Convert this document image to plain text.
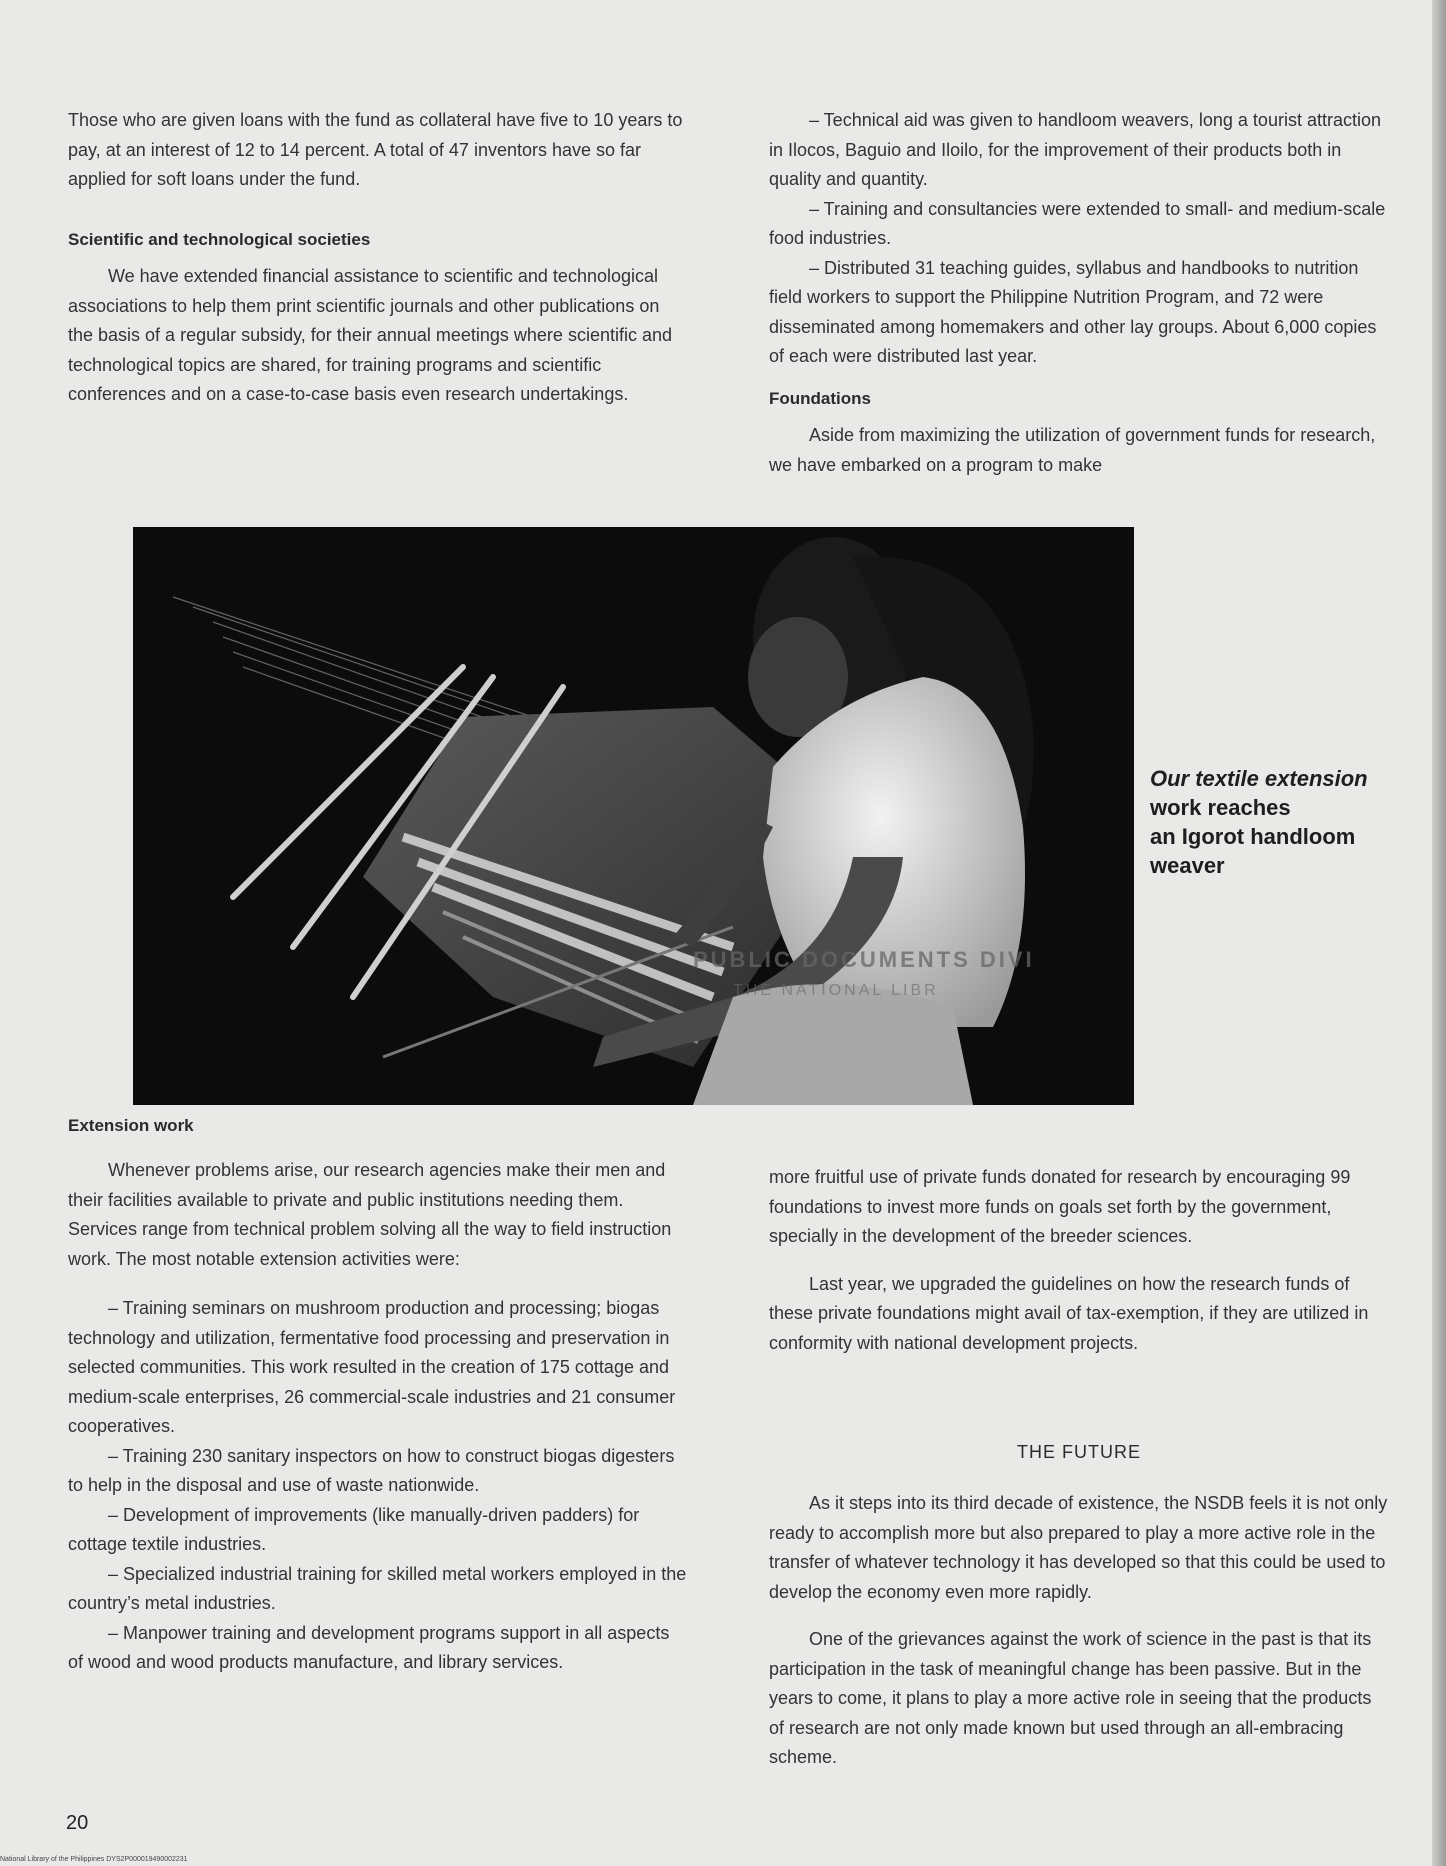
Those who are given loans with the fund as collateral have five to 10 years to pay, at an interest of 12 to 14 percent. A total of 47 inventors have so far applied for soft loans under the fund.

Scientific and technological societies

We have extended financial assistance to scientific and technological associations to help them print scientific journals and other publications on the basis of a regular subsidy, for their annual meetings where scientific and technological topics are shared, for training programs and scientific conferences and on a case-to-case basis even research undertakings.

– Technical aid was given to handloom weavers, long a tourist attraction in Ilocos, Baguio and Iloilo, for the improvement of their products both in quality and quantity.

– Training and consultancies were extended to small- and medium-scale food industries.

– Distributed 31 teaching guides, syllabus and handbooks to nutrition field workers to support the Philippine Nutrition Program, and 72 were disseminated among homemakers and other lay groups. About 6,000 copies of each were distributed last year.

Foundations

Aside from maximizing the utilization of government funds for research, we have embarked on a program to make

PUBLIC DOCUMENTS DIVI
THE NATIONAL LIBR
Our textile extension
work reaches
an Igorot handloom
weaver

Extension work

Whenever problems arise, our research agencies make their men and their facilities available to private and public institutions needing them. Services range from technical problem solving all the way to field instruction work. The most notable extension activities were:

– Training seminars on mushroom production and processing; biogas technology and utilization, fermentative food processing and preservation in selected communities. This work resulted in the creation of 175 cottage and medium-scale enterprises, 26 commercial-scale industries and 21 consumer cooperatives.

– Training 230 sanitary inspectors on how to construct biogas digesters to help in the disposal and use of waste nationwide.

– Development of improvements (like manually-driven padders) for cottage textile industries.

– Specialized industrial training for skilled metal workers employed in the country’s metal industries.

– Manpower training and development programs support in all aspects of wood and wood products manufacture, and library services.

more fruitful use of private funds donated for research by encouraging 99 foundations to invest more funds on goals set forth by the government, specially in the development of the breeder sciences.

Last year, we upgraded the guidelines on how the research funds of these private foundations might avail of tax-exemption, if they are utilized in conformity with national development projects.

THE FUTURE

As it steps into its third decade of existence, the NSDB feels it is not only ready to accomplish more but also prepared to play a more active role in the transfer of whatever technology it has developed so that this could be used to develop the economy even more rapidly.

One of the grievances against the work of science in the past is that its participation in the task of meaningful change has been passive. But in the years to come, it plans to play a more active role in seeing that the products of research are not only made known but used through an all-embracing scheme.

20
National Library of the Philippines DYS2P000019490002231
